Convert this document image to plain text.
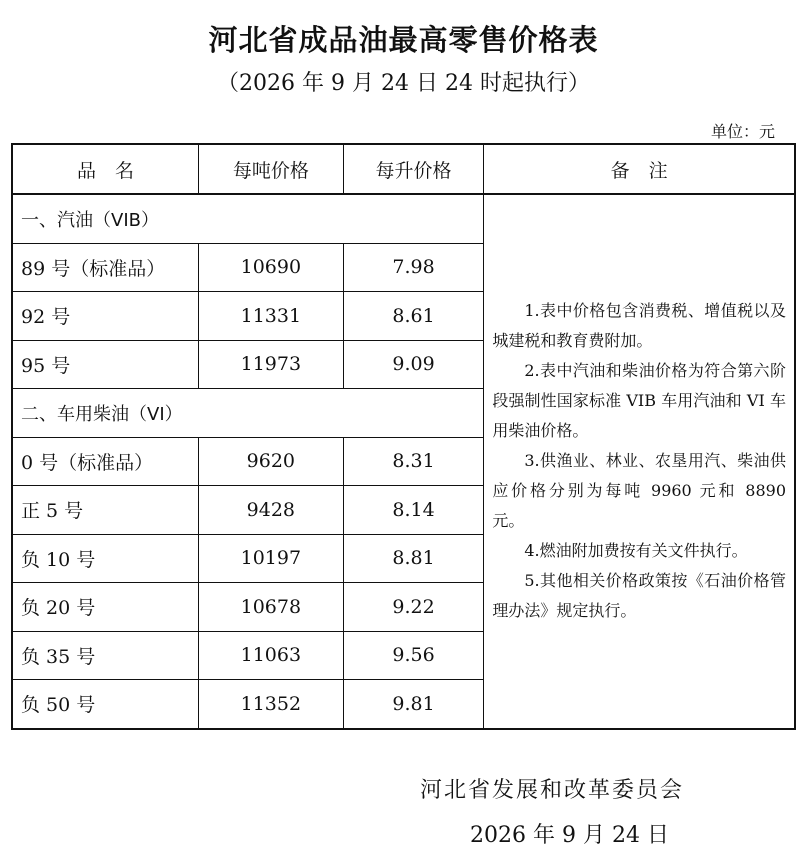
河北省成品油最高零售价格表
（2026 年 9 月 24 日 24 时起执行）
单位：元
品　名	每吨价格	每升价格	备　注
一、汽油（VIB）			1.表中价格包含消费税、增值税以及城建税和教育费附加。

2.表中汽油和柴油价格为符合第六阶段强制性国家标准 VIB 车用汽油和 VI 车用柴油价格。

3.供渔业、林业、农垦用汽、柴油供应价格分别为每吨 9960 元和 8890 元。

4.燃油附加费按有关文件执行。

5.其他相关价格政策按《石油价格管理办法》规定执行。

89 号（标准品）	10690	7.98	
92 号	11331	8.61	
95 号	11973	9.09	
二、车用柴油（VI）			
0 号（标准品）	9620	8.31	
正 5 号	9428	8.14	
负 10 号	10197	8.81	
负 20 号	10678	9.22	
负 35 号	11063	9.56	
负 50 号	11352	9.81	
河北省发展和改革委员会
2026 年 9 月 24 日
